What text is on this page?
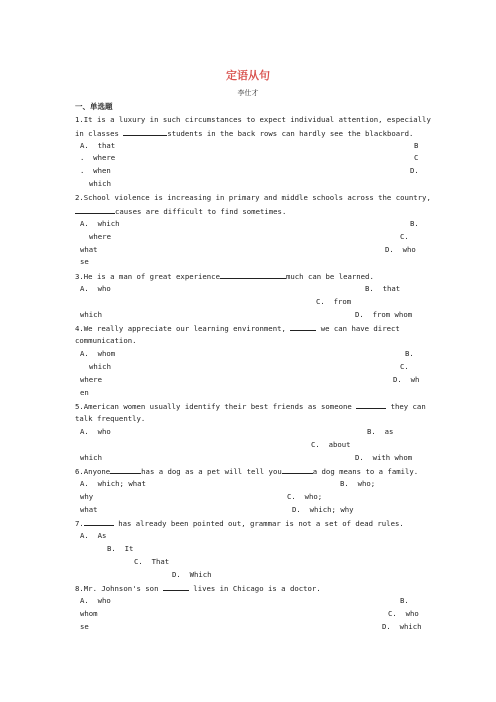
定语从句
李仕才
一、单选题
1.It is a luxury in such circumstances to expect individual attention, especially
in classes	students in the back rows can hardly see the blackboard.
A.  that	B
.  where	C
.  when	D.
which
2.School violence is increasing in primary and middle schools across the country,
causes are difficult to find sometimes.
A.  which	B.
where	C.
what	D.  who
se
3.He is a man of great experience	much can be learned.
A.  who	B.  that
C.  from
which	D.  from whom
4.We really appreciate our learning environment,	we can have direct
communication.
A.  whom	B.
which	C.
where	D.  wh
en
5.American women usually identify their best friends as someone	they can
talk frequently.
A.  who	B.  as
C.  about
which	D.  with whom
6.Anyone	has a dog as a pet will tell you	a dog means to a family.
A.  which; what	B.  who;
why	C.  who;
what	D.  which; why
7.	has already been pointed out, grammar is not a set of dead rules.
A.  As
B.  It
C.  That
D.  Which
8.Mr. Johnson's son	lives in Chicago is a doctor.
A.  who	B.
whom	C.  who
se	D.  which
